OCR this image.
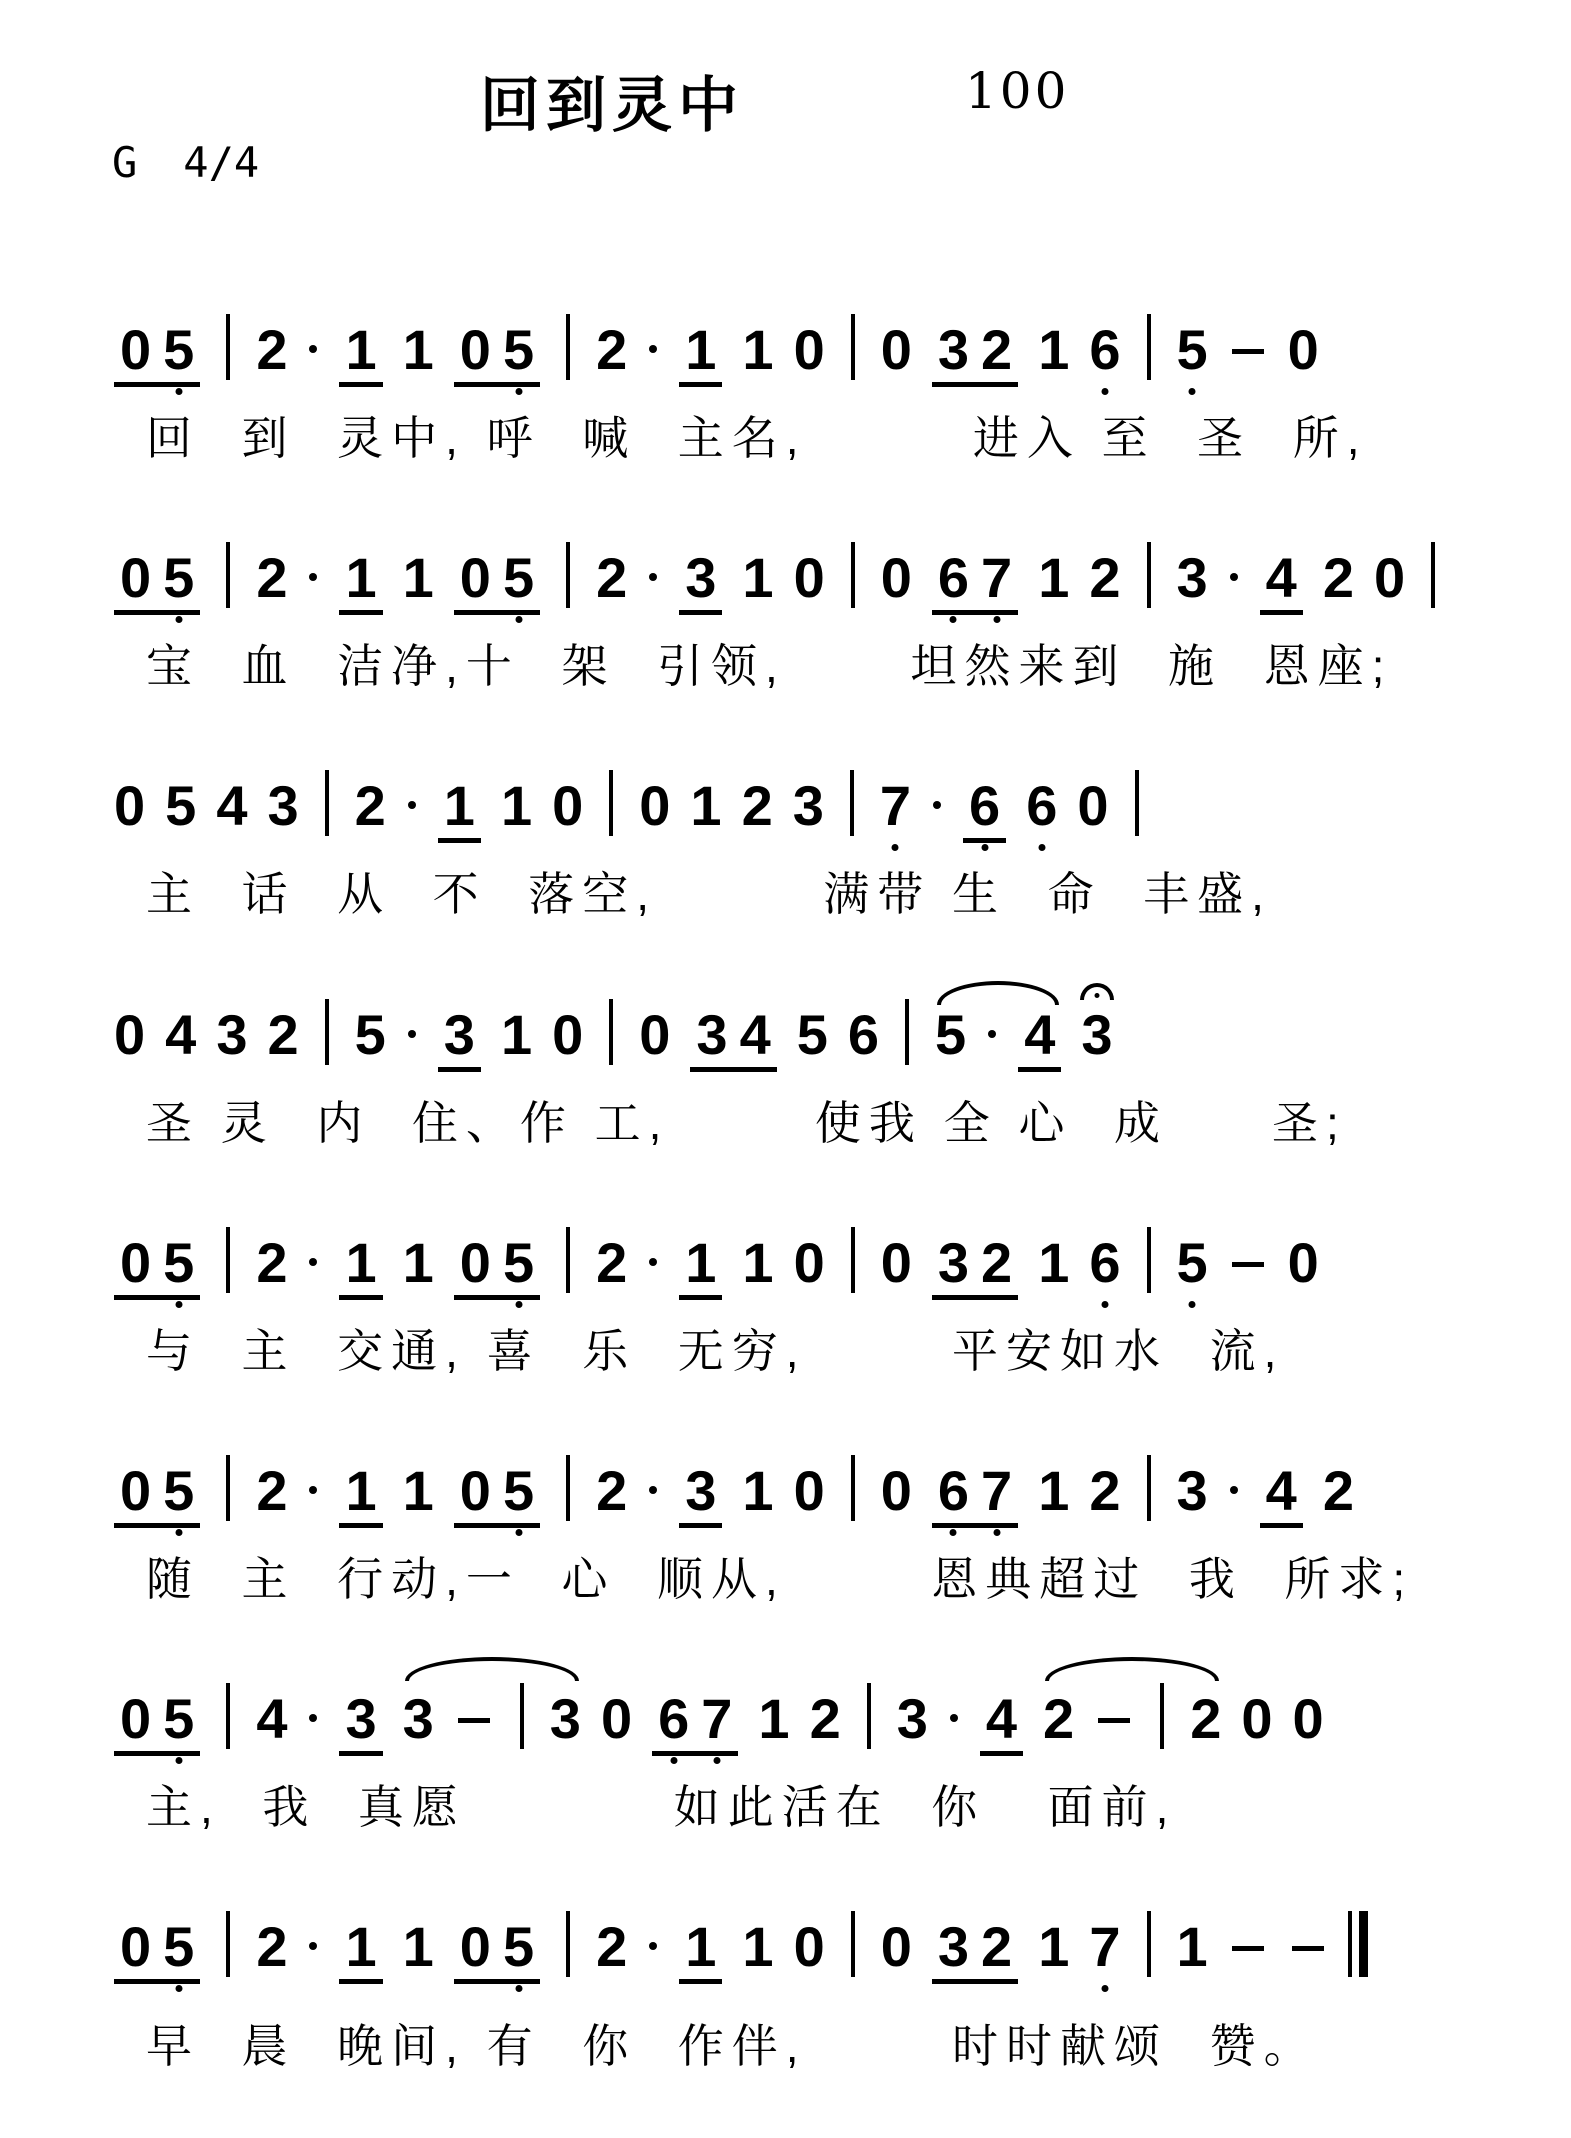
回到灵中	100
G 4/4
0 5 2 1 1 0 5 2 1 1 0 0 3 2 1 6 5 0
回  到  灵中, 呼  喊  主名,        进入 至  圣  所,
0 5 2 1 1 0 5 2 3 1 0 0 6 7 1 2 3 4 2 0
宝  血  洁净,十  架  引领,      坦然来到  施  恩座;
0 5 4 3 2 1 1 0 0 1 2 3 7 6 6 0
主  话  从  不  落空,        满带 生  命  丰盛,
0 4 3 2 5 3 1 0 0 3 4 5 6 5 4 3
圣 灵  内  住、作 工,       使我 全 心  成     圣;
0 5 2 1 1 0 5 2 1 1 0 0 3 2 1 6 5 0
与  主  交通, 喜  乐  无穷,       平安如水  流,
0 5 2 1 1 0 5 2 3 1 0 0 6 7 1 2 3 4 2
随  主  行动,一  心  顺从,       恩典超过  我  所求;
0 5 4 3 3 3 0 6 7 1 2 3 4 2 2 0 0
主,  我  真愿          如此活在  你   面前,
0 5 2 1 1 0 5 2 1 1 0 0 3 2 1 7 1
早  晨  晚间, 有  你  作伴,       时时献颂  赞。
